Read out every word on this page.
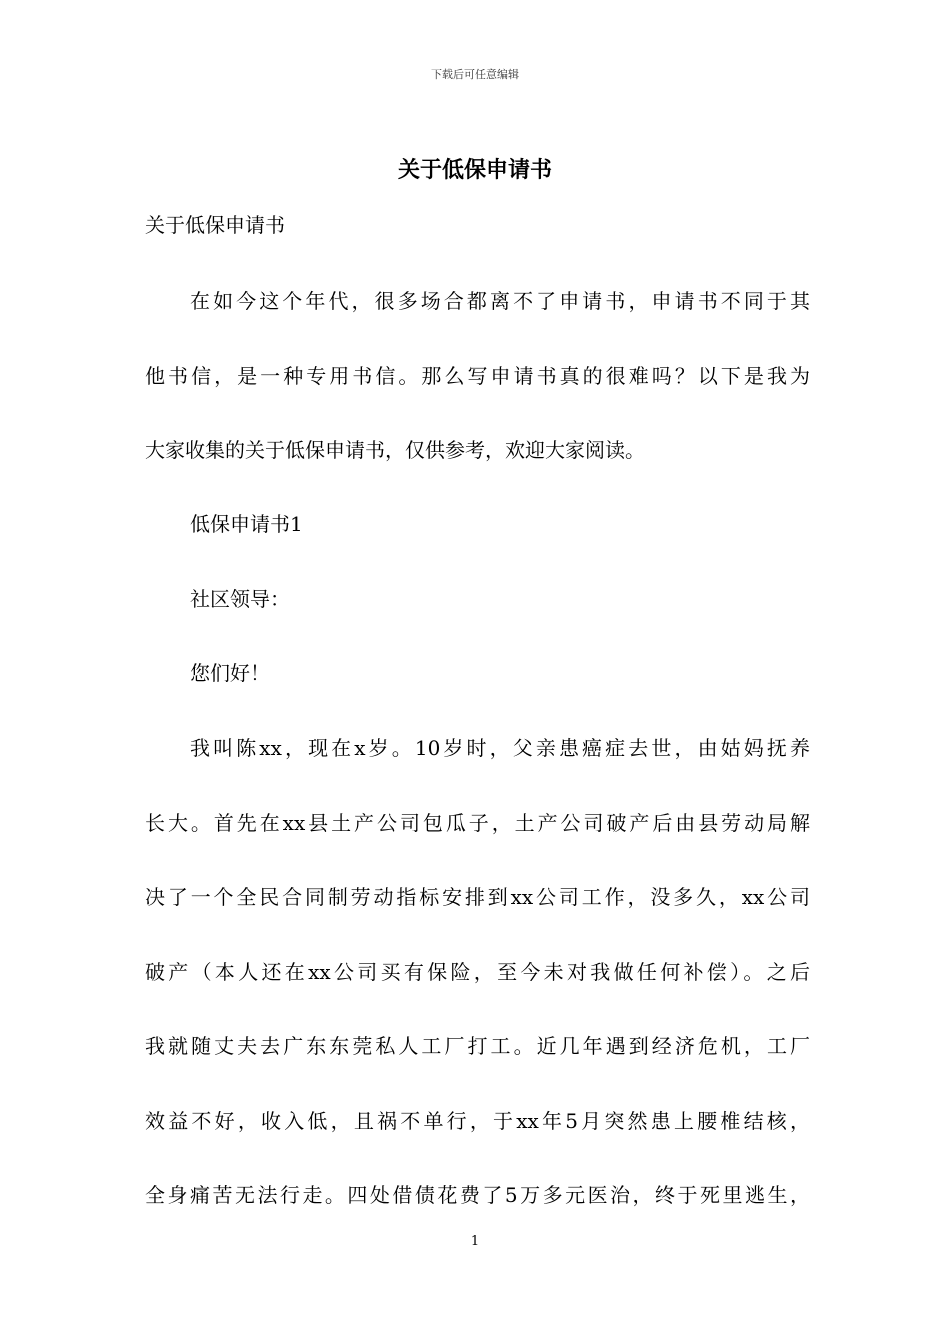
下载后可任意编辑
关于低保申请书
关于低保申请书
在如今这个年代，很多场合都离不了申请书，申请书不同于其
他书信，是一种专用书信。那么写申请书真的很难吗？以下是我为
大家收集的关于低保申请书，仅供参考，欢迎大家阅读。
低保申请书1
社区领导：
您们好！
我叫陈xx，现在x岁。10岁时，父亲患癌症去世，由姑妈抚养
长大。首先在xx县土产公司包瓜子，土产公司破产后由县劳动局解
决了一个全民合同制劳动指标安排到xx公司工作，没多久，xx公司
破产（本人还在xx公司买有保险，至今未对我做任何补偿）。之后
我就随丈夫去广东东莞私人工厂打工。近几年遇到经济危机，工厂
效益不好，收入低，且祸不单行，于xx年5月突然患上腰椎结核，
全身痛苦无法行走。四处借债花费了5万多元医治，终于死里逃生，
1
